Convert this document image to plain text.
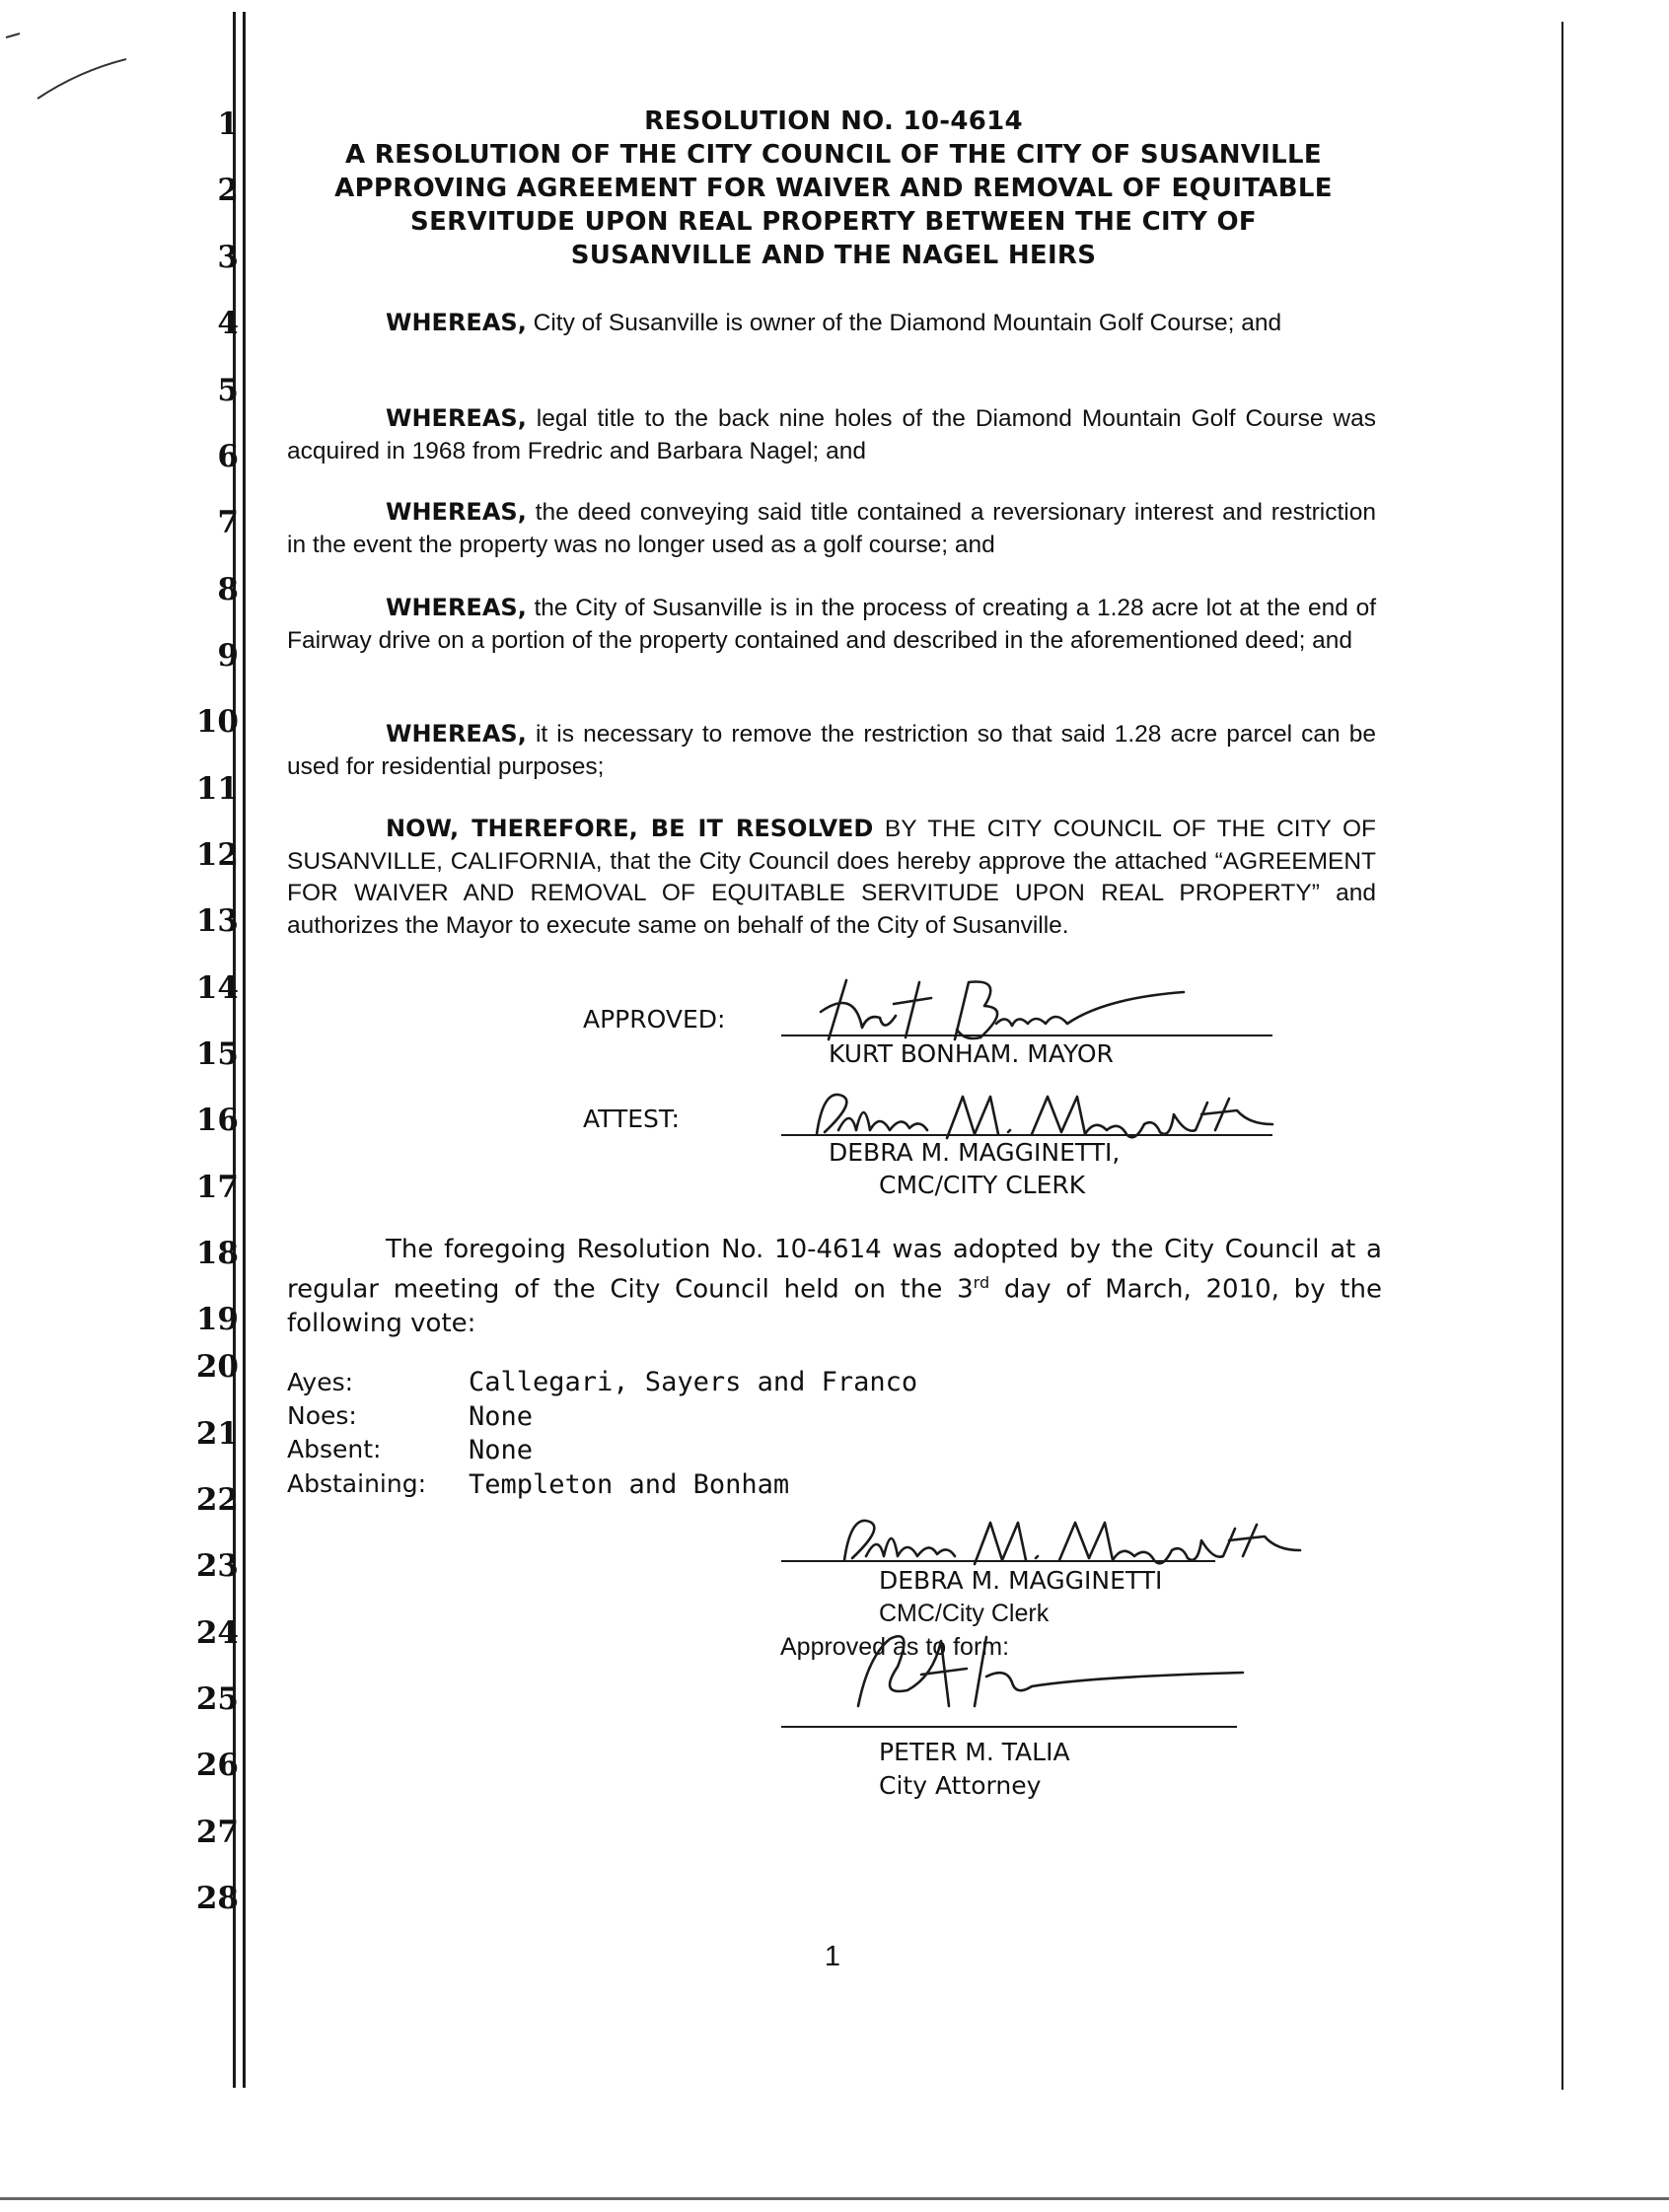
1
2
3
4
5
6
7
8
9
10
11
12
13
14
15
16
17
18
19
20
21
22
23
24
25
26
27
28
RESOLUTION NO. 10-4614
A RESOLUTION OF THE CITY COUNCIL OF THE CITY OF SUSANVILLE
APPROVING AGREEMENT FOR WAIVER AND REMOVAL OF EQUITABLE
SERVITUDE UPON REAL PROPERTY BETWEEN THE CITY OF
SUSANVILLE AND THE NAGEL HEIRS
WHEREAS, City of Susanville is owner of the Diamond Mountain Golf Course; and
WHEREAS, legal title to the back nine holes of the Diamond Mountain Golf Course was acquired in 1968 from Fredric and Barbara Nagel; and
WHEREAS, the deed conveying said title contained a reversionary interest and restriction in the event the property was no longer used as a golf course; and
WHEREAS, the City of Susanville is in the process of creating a 1.28 acre lot at the end of Fairway drive on a portion of the property contained and described in the aforementioned deed; and
WHEREAS, it is necessary to remove the restriction so that said 1.28 acre parcel can be used for residential purposes;
NOW, THEREFORE, BE IT RESOLVED BY THE CITY COUNCIL OF THE CITY OF SUSANVILLE, CALIFORNIA, that the City Council does hereby approve the attached “AGREEMENT FOR WAIVER AND REMOVAL OF EQUITABLE SERVITUDE UPON REAL PROPERTY” and authorizes the Mayor to execute same on behalf of the City of Susanville.
APPROVED:
KURT BONHAM. MAYOR
ATTEST:
DEBRA M. MAGGINETTI,
CMC/CITY CLERK
The foregoing Resolution No. 10-4614 was adopted by the City Council at a regular meeting of the City Council held on the 3rd day of March, 2010, by the following vote:
Ayes:	Callegari, Sayers and Franco
Noes:	None
Absent:	None
Abstaining: Templeton and Bonham
DEBRA M. MAGGINETTI
CMC/City Clerk
Approved as to form:
PETER M. TALIA
City Attorney
1
